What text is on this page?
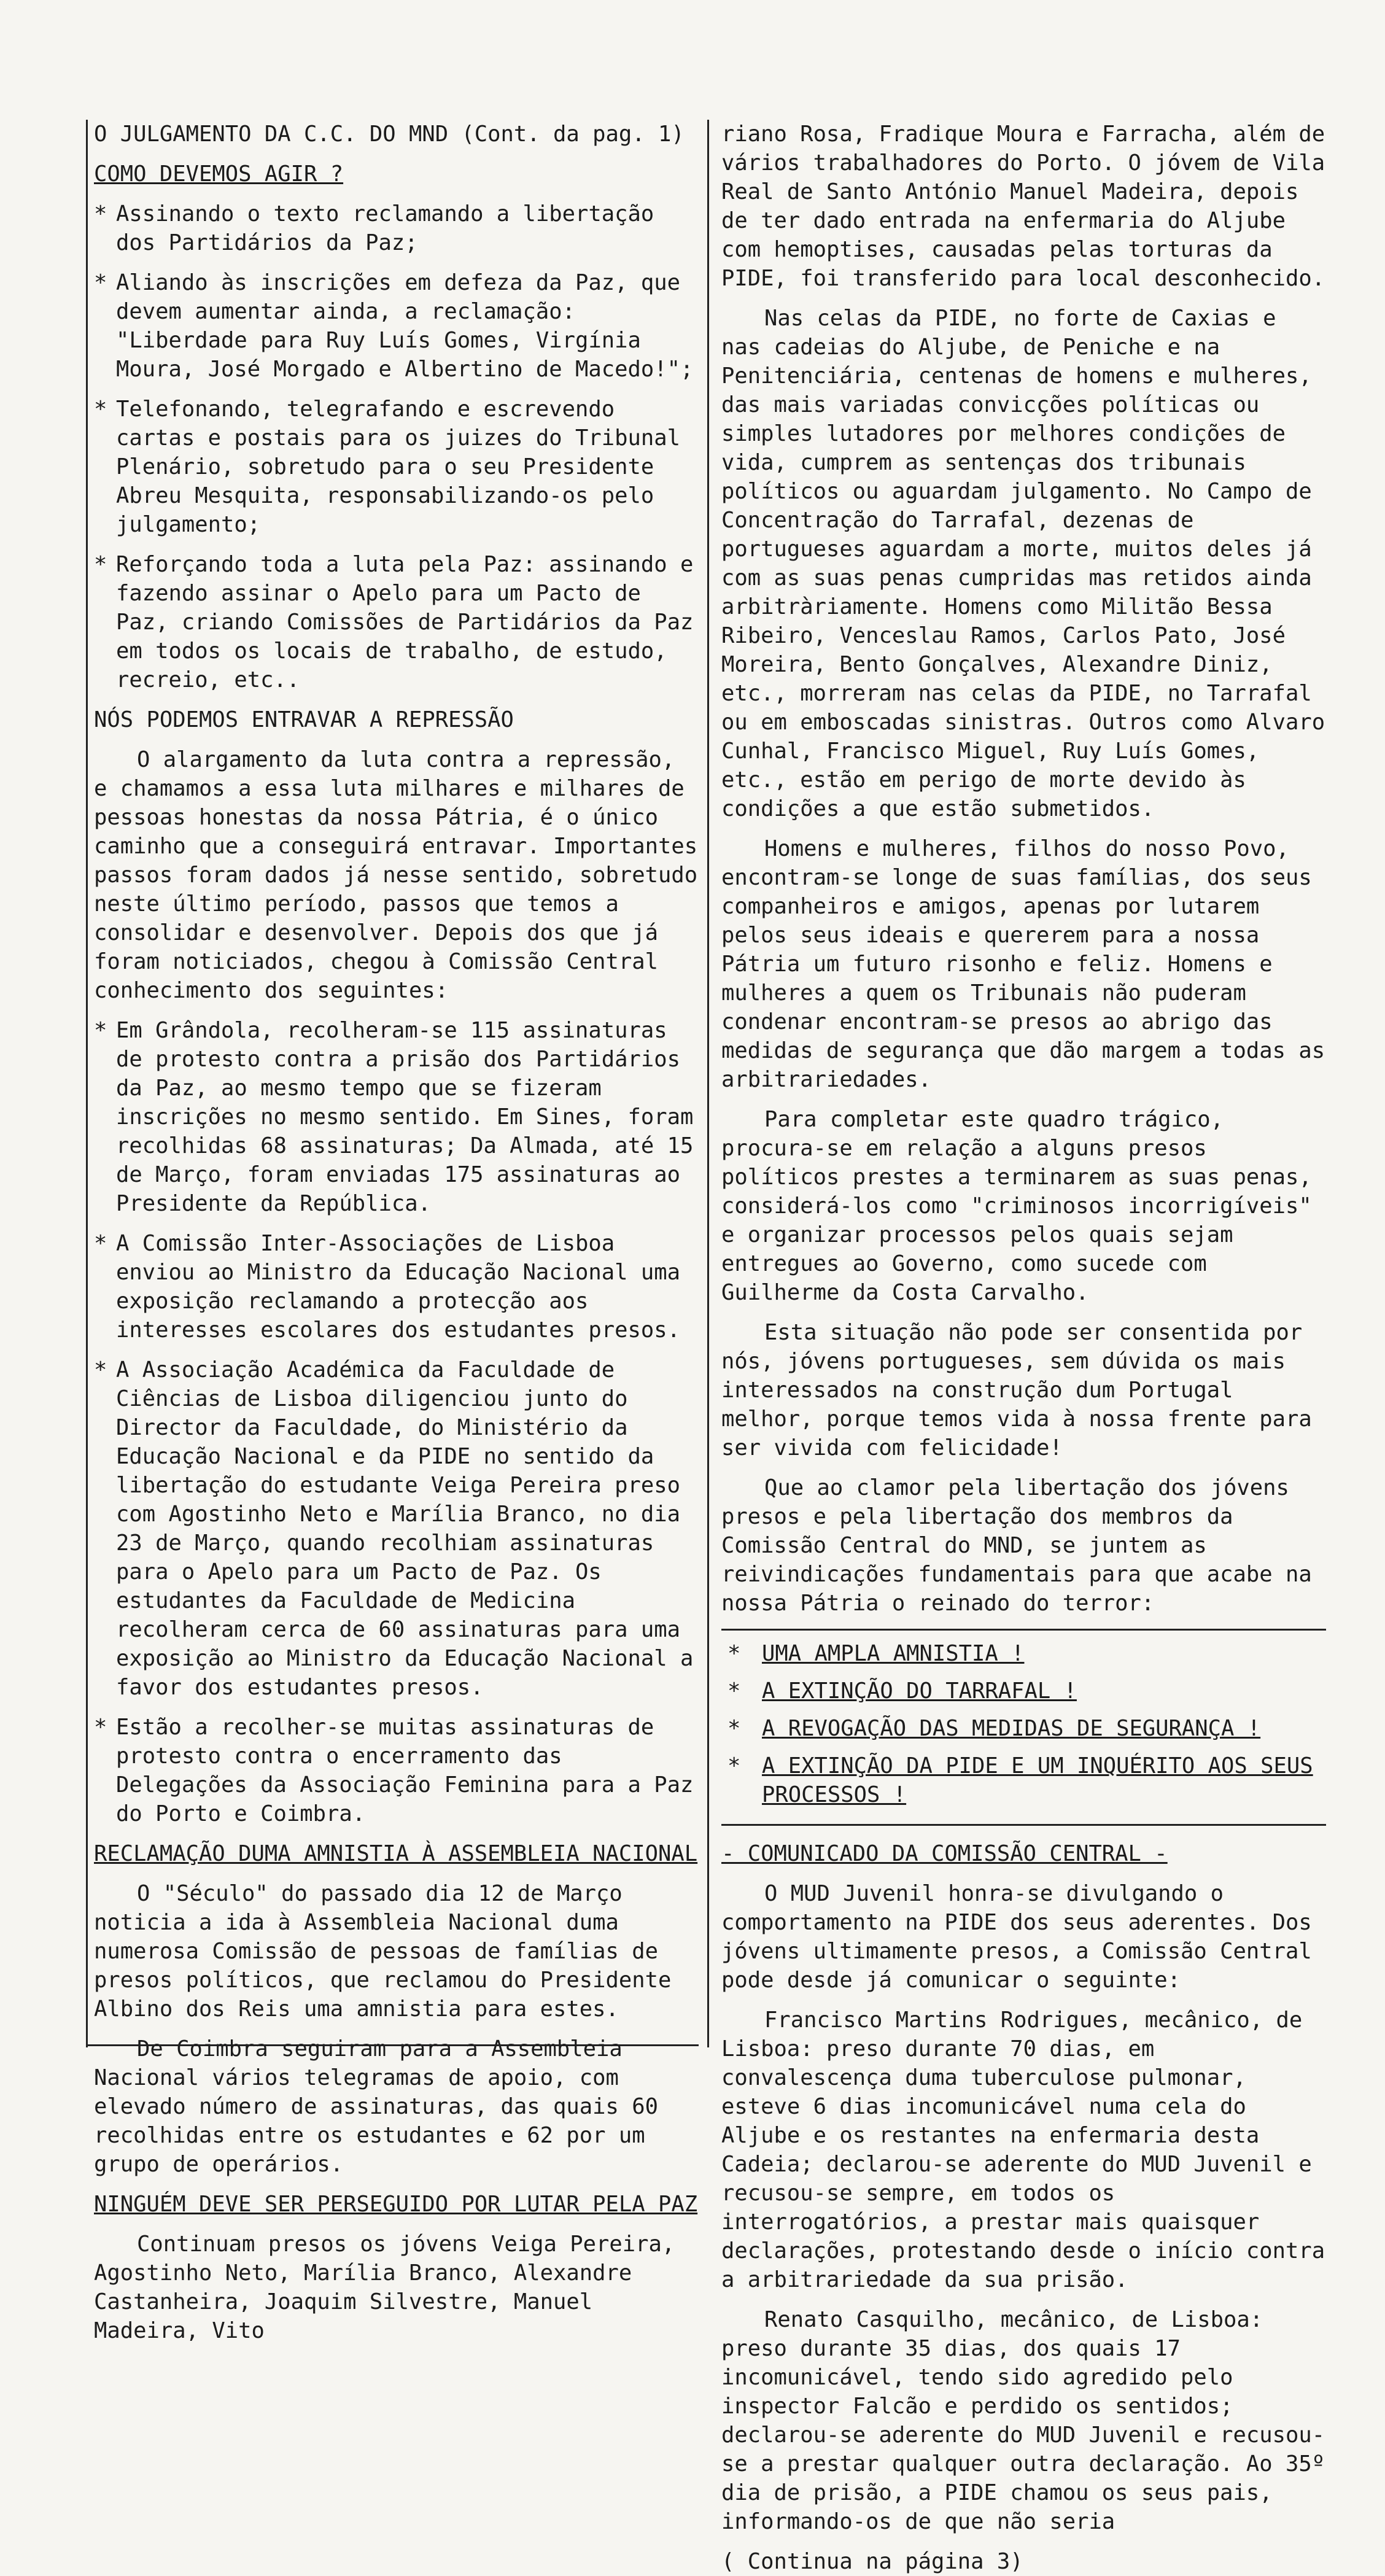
O JULGAMENTO DA C.C. DO MND (Cont. da pag. 1)

COMO DEVEMOS AGIR ?

* Assinando o texto reclamando a libertação dos Partidários da Paz;
* Aliando às inscrições em defeza da Paz, que devem aumentar ainda, a reclamação: "Liberdade para Ruy Luís Gomes, Virgínia Moura, José Morgado e Albertino de Macedo!";
* Telefonando, telegrafando e escrevendo cartas e postais para os juizes do Tribunal Plenário, sobretudo para o seu Presidente Abreu Mesquita, responsabilizando-os pelo julgamento;
* Reforçando toda a luta pela Paz: assinando e fazendo assinar o Apelo para um Pacto de Paz, criando Comissões de Partidários da Paz em todos os locais de trabalho, de estudo, recreio, etc..

NÓS PODEMOS ENTRAVAR A REPRESSÃO

O alargamento da luta contra a repressão, e chamamos a essa luta milhares e milhares de pessoas honestas da nossa Pátria, é o único caminho que a conseguirá entravar. Importantes passos foram dados já nesse sentido, sobretudo neste último período, passos que temos a consolidar e desenvolver. Depois dos que já foram noticiados, chegou à Comissão Central conhecimento dos seguintes:

* Em Grândola, recolheram-se 115 assinaturas de protesto contra a prisão dos Partidários da Paz, ao mesmo tempo que se fizeram inscrições no mesmo sentido. Em Sines, foram recolhidas 68 assinaturas; Da Almada, até 15 de Março, foram enviadas 175 assinaturas ao Presidente da República.
* A Comissão Inter-Associações de Lisboa enviou ao Ministro da Educação Nacional uma exposição reclamando a protecção aos interesses escolares dos estudantes presos.
* A Associação Académica da Faculdade de Ciências de Lisboa diligenciou junto do Director da Faculdade, do Ministério da Educação Nacional e da PIDE no sentido da libertação do estudante Veiga Pereira preso com Agostinho Neto e Marília Branco, no dia 23 de Março, quando recolhiam assinaturas para o Apelo para um Pacto de Paz. Os estudantes da Faculdade de Medicina recolheram cerca de 60 assinaturas para uma exposição ao Ministro da Educação Nacional a favor dos estudantes presos.
* Estão a recolher-se muitas assinaturas de protesto contra o encerramento das Delegações da Associação Feminina para a Paz do Porto e Coimbra.

RECLAMAÇÃO DUMA AMNISTIA À ASSEMBLEIA NACIONAL

O "Século" do passado dia 12 de Março noticia a ida à Assembleia Nacional duma numerosa Comissão de pessoas de famílias de presos políticos, que reclamou do Presidente Albino dos Reis uma amnistia para estes.

De Coimbra seguiram para a Assembleia Nacional vários telegramas de apoio, com elevado número de assinaturas, das quais 60 recolhidas entre os estudantes e 62 por um grupo de operários.

NINGUÉM DEVE SER PERSEGUIDO POR LUTAR PELA PAZ

Continuam presos os jóvens Veiga Pereira, Agostinho Neto, Marília Branco, Alexandre Castanheira, Joaquim Silvestre, Manuel Madeira, Vito

riano Rosa, Fradique Moura e Farracha, além de vários trabalhadores do Porto. O jóvem de Vila Real de Santo António Manuel Madeira, depois de ter dado entrada na enfermaria do Aljube com hemoptises, causadas pelas torturas da PIDE, foi transferido para local desconhecido.

Nas celas da PIDE, no forte de Caxias e nas cadeias do Aljube, de Peniche e na Penitenciária, centenas de homens e mulheres, das mais variadas convicções políticas ou simples lutadores por melhores condições de vida, cumprem as sentenças dos tribunais políticos ou aguardam julgamento. No Campo de Concentração do Tarrafal, dezenas de portugueses aguardam a morte, muitos deles já com as suas penas cumpridas mas retidos ainda arbitràriamente. Homens como Militão Bessa Ribeiro, Venceslau Ramos, Carlos Pato, José Moreira, Bento Gonçalves, Alexandre Diniz, etc., morreram nas celas da PIDE, no Tarrafal ou em emboscadas sinistras. Outros como Alvaro Cunhal, Francisco Miguel, Ruy Luís Gomes, etc., estão em perigo de morte devido às condições a que estão submetidos.

Homens e mulheres, filhos do nosso Povo, encontram-se longe de suas famílias, dos seus companheiros e amigos, apenas por lutarem pelos seus ideais e quererem para a nossa Pátria um futuro risonho e feliz. Homens e mulheres a quem os Tribunais não puderam condenar encontram-se presos ao abrigo das medidas de segurança que dão margem a todas as arbitrariedades.

Para completar este quadro trágico, procura-se em relação a alguns presos políticos prestes a terminarem as suas penas, considerá-los como "criminosos incorrigíveis" e organizar processos pelos quais sejam entregues ao Governo, como sucede com Guilherme da Costa Carvalho.

Esta situação não pode ser consentida por nós, jóvens portugueses, sem dúvida os mais interessados na construção dum Portugal melhor, porque temos vida à nossa frente para ser vivida com felicidade!

Que ao clamor pela libertação dos jóvens presos e pela libertação dos membros da Comissão Central do MND, se juntem as reivindicações fundamentais para que acabe na nossa Pátria o reinado do terror:

* UMA AMPLA AMNISTIA !
* A EXTINÇÃO DO TARRAFAL !
* A REVOGAÇÃO DAS MEDIDAS DE SEGURANÇA !
* A EXTINÇÃO DA PIDE E UM INQUÉRITO AOS SEUS PROCESSOS !

- COMUNICADO DA COMISSÃO CENTRAL -

O MUD Juvenil honra-se divulgando o comportamento na PIDE dos seus aderentes. Dos jóvens ultimamente presos, a Comissão Central pode desde já comunicar o seguinte:

Francisco Martins Rodrigues, mecânico, de Lisboa: preso durante 70 dias, em convalescença duma tuberculose pulmonar, esteve 6 dias incomunicável numa cela do Aljube e os restantes na enfermaria desta Cadeia; declarou-se aderente do MUD Juvenil e recusou-se sempre, em todos os interrogatórios, a prestar mais quaisquer declarações, protestando desde o início contra a arbitrariedade da sua prisão.

Renato Casquilho, mecânico, de Lisboa: preso durante 35 dias, dos quais 17 incomunicável, tendo sido agredido pelo inspector Falcão e perdido os sentidos; declarou-se aderente do MUD Juvenil e recusou-se a prestar qualquer outra declaração. Ao 35º dia de prisão, a PIDE chamou os seus pais, informando-os de que não seria

( Continua na página 3)
